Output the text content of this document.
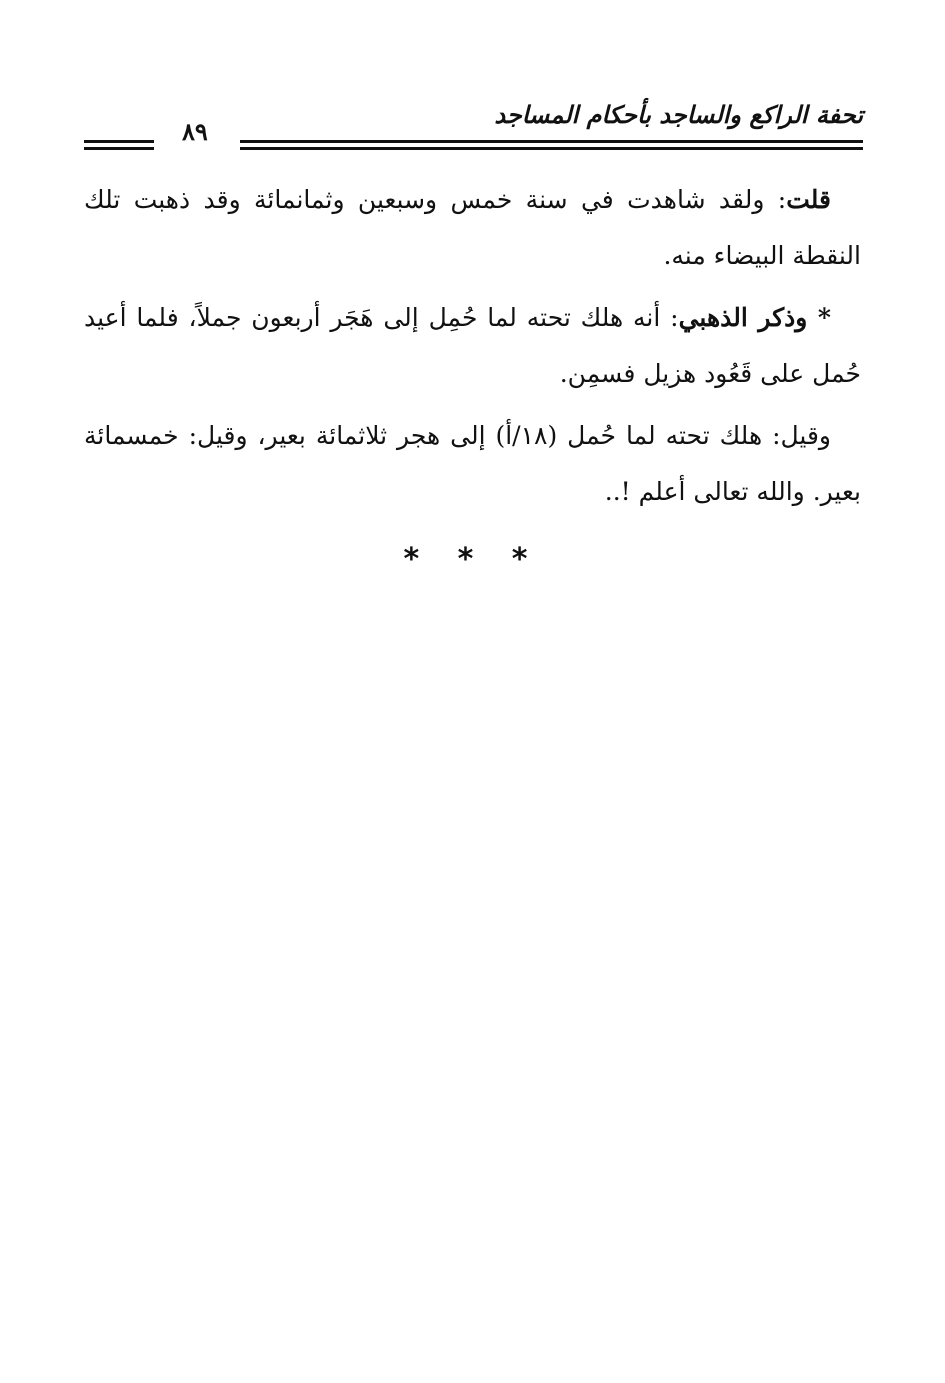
تحفة الراكع والساجد بأحكام المساجد
٨٩

قلت: ولقد شاهدت في سنة خمس وسبعين وثمانمائة وقد ذهبت تلك النقطة البيضاء منه.

* وذكر الذهبي: أنه هلك تحته لما حُمِل إلى هَجَر أربعون جملاً، فلما أعيد حُمل على قَعُود هزيل فسمِن.

وقيل: هلك تحته لما حُمل (١٨/أ) إلى هجر ثلاثمائة بعير، وقيل: خمسمائة بعير. والله تعالى أعلم !..

* * *
